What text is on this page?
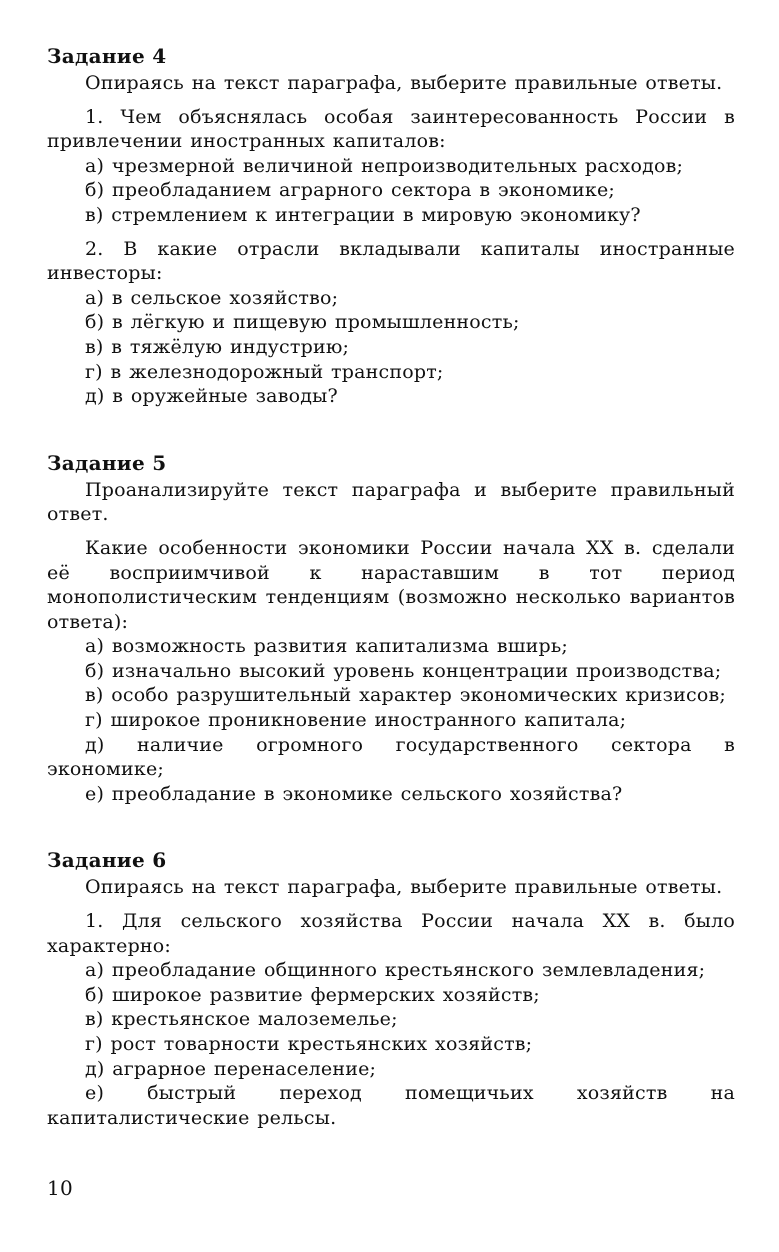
Задание 4

Опираясь на текст параграфа, выберите правильные ответы.

1. Чем объяснялась особая заинтересованность России в привлечении иностранных капиталов:

а) чрезмерной величиной непроизводительных расходов;

б) преобладанием аграрного сектора в экономике;

в) стремлением к интеграции в мировую экономику?

2. В какие отрасли вкладывали капиталы иностранные инвесторы:

а) в сельское хозяйство;

б) в лёгкую и пищевую промышленность;

в) в тяжёлую индустрию;

г) в железнодорожный транспорт;

д) в оружейные заводы?

Задание 5

Проанализируйте текст параграфа и выберите правильный ответ.

Какие особенности экономики России начала XX в. сделали её восприимчивой к нараставшим в тот период монополистическим тенденциям (возможно несколько вариантов ответа):

а) возможность развития капитализма вширь;

б) изначально высокий уровень концентрации производства;

в) особо разрушительный характер экономических кризисов;

г) широкое проникновение иностранного капитала;

д) наличие огромного государственного сектора в экономике;

е) преобладание в экономике сельского хозяйства?

Задание 6

Опираясь на текст параграфа, выберите правильные ответы.

1. Для сельского хозяйства России начала XX в. было характерно:

а) преобладание общинного крестьянского землевладения;

б) широкое развитие фермерских хозяйств;

в) крестьянское малоземелье;

г) рост товарности крестьянских хозяйств;

д) аграрное перенаселение;

е) быстрый переход помещичьих хозяйств на капиталистические рельсы.

10
